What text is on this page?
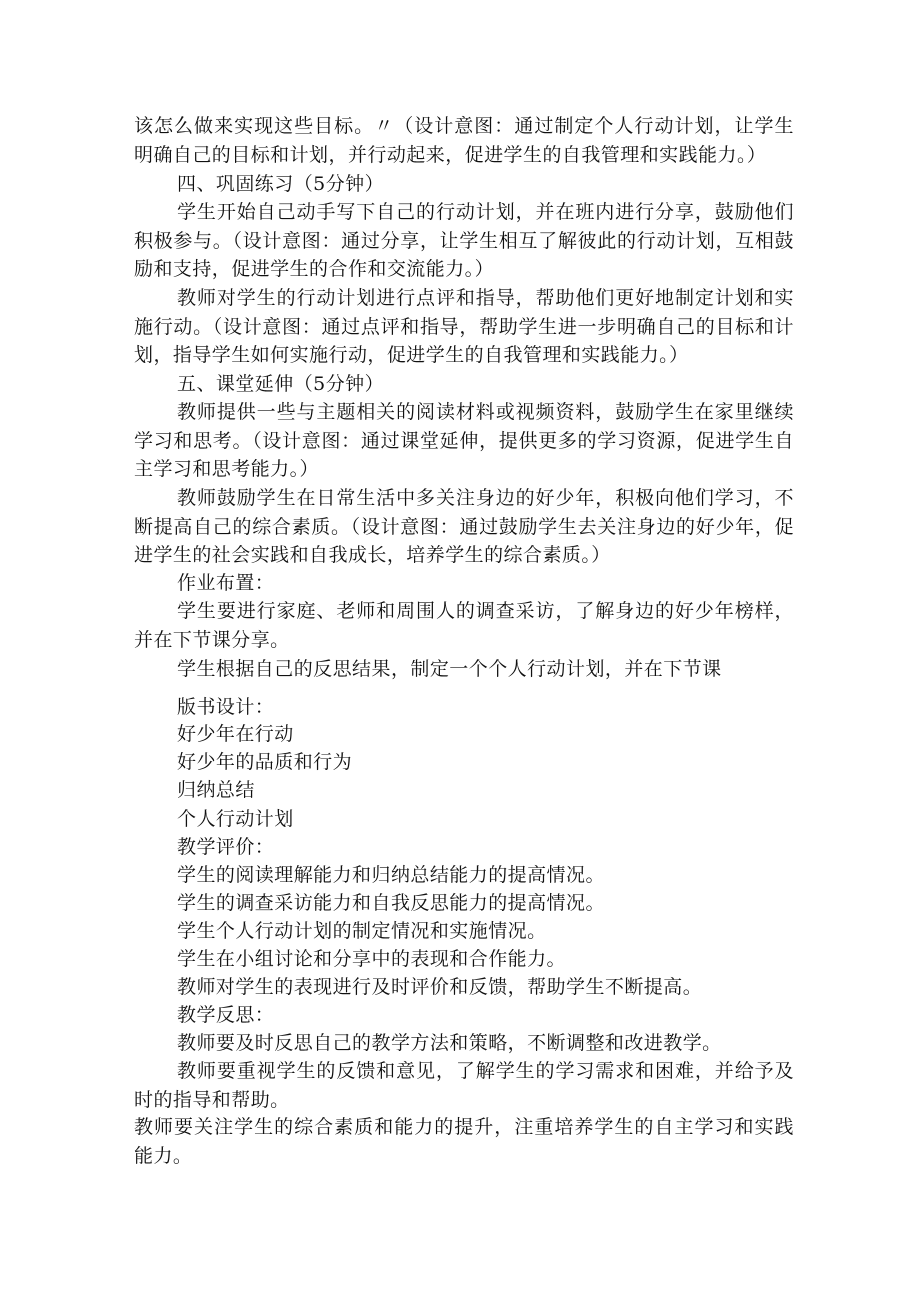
该怎么做来实现这些目标。〃（设计意图：通过制定个人行动计划，让学生明确自己的目标和计划，并行动起来，促进学生的自我管理和实践能力。）

四、巩固练习（5分钟）

学生开始自己动手写下自己的行动计划，并在班内进行分享，鼓励他们积极参与。（设计意图：通过分享，让学生相互了解彼此的行动计划，互相鼓励和支持，促进学生的合作和交流能力。）

教师对学生的行动计划进行点评和指导，帮助他们更好地制定计划和实施行动。（设计意图：通过点评和指导，帮助学生进一步明确自己的目标和计划，指导学生如何实施行动，促进学生的自我管理和实践能力。）

五、课堂延伸（5分钟）

教师提供一些与主题相关的阅读材料或视频资料，鼓励学生在家里继续学习和思考。（设计意图：通过课堂延伸，提供更多的学习资源，促进学生自主学习和思考能力。）

教师鼓励学生在日常生活中多关注身边的好少年，积极向他们学习，不断提高自己的综合素质。（设计意图：通过鼓励学生去关注身边的好少年，促进学生的社会实践和自我成长，培养学生的综合素质。）

作业布置：

学生要进行家庭、老师和周围人的调查采访，了解身边的好少年榜样，并在下节课分享。

学生根据自己的反思结果，制定一个个人行动计划，并在下节课

版书设计：

好少年在行动

好少年的品质和行为

归纳总结

个人行动计划

教学评价：

学生的阅读理解能力和归纳总结能力的提高情况。

学生的调查采访能力和自我反思能力的提高情况。

学生个人行动计划的制定情况和实施情况。

学生在小组讨论和分享中的表现和合作能力。

教师对学生的表现进行及时评价和反馈，帮助学生不断提高。

教学反思：

教师要及时反思自己的教学方法和策略，不断调整和改进教学。

教师要重视学生的反馈和意见，了解学生的学习需求和困难，并给予及时的指导和帮助。

教师要关注学生的综合素质和能力的提升，注重培养学生的自主学习和实践能力。
